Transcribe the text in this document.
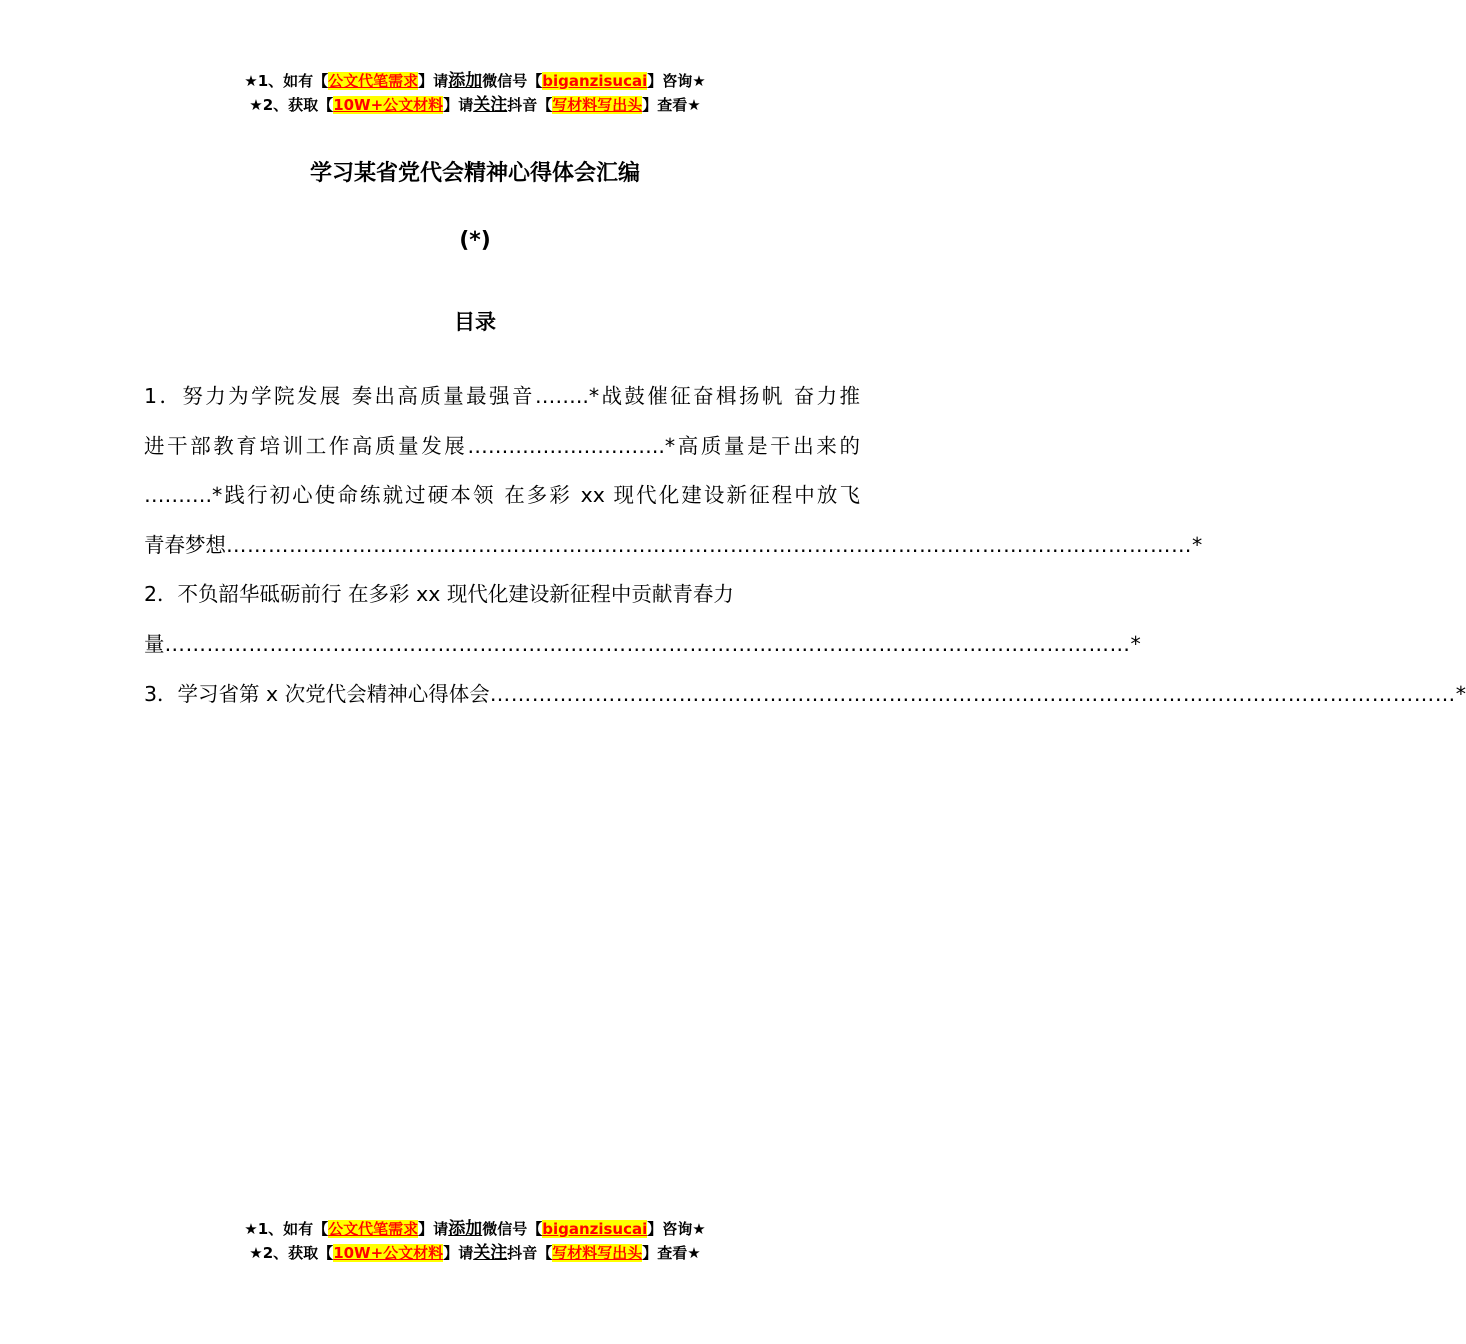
★1、如有【公文代笔需求】请添加微信号【biganzisucai】咨询★
★2、获取【10W+公文材料】请关注抖音【写材料写出头】查看★
学习某省党代会精神心得体会汇编
(*)
目录
1．努力为学院发展 奏出高质量最强音……..*战鼓催征奋楫扬帆 奋力推
进干部教育培训工作高质量发展………………………..*高质量是干出来的
……….*践行初心使命练就过硬本领 在多彩 xx 现代化建设新征程中放飞
青春梦想 ………………………………………………………………………………………………………………………… *
2．不负韶华砥砺前行 在多彩 xx 现代化建设新征程中贡献青春力
量 ………………………………………………………………………………………………………………………… *
3．学习省第 x 次党代会精神心得体会 ………………………………………………………………………………………………………………………… *
★1、如有【公文代笔需求】请添加微信号【biganzisucai】咨询★
★2、获取【10W+公文材料】请关注抖音【写材料写出头】查看★
